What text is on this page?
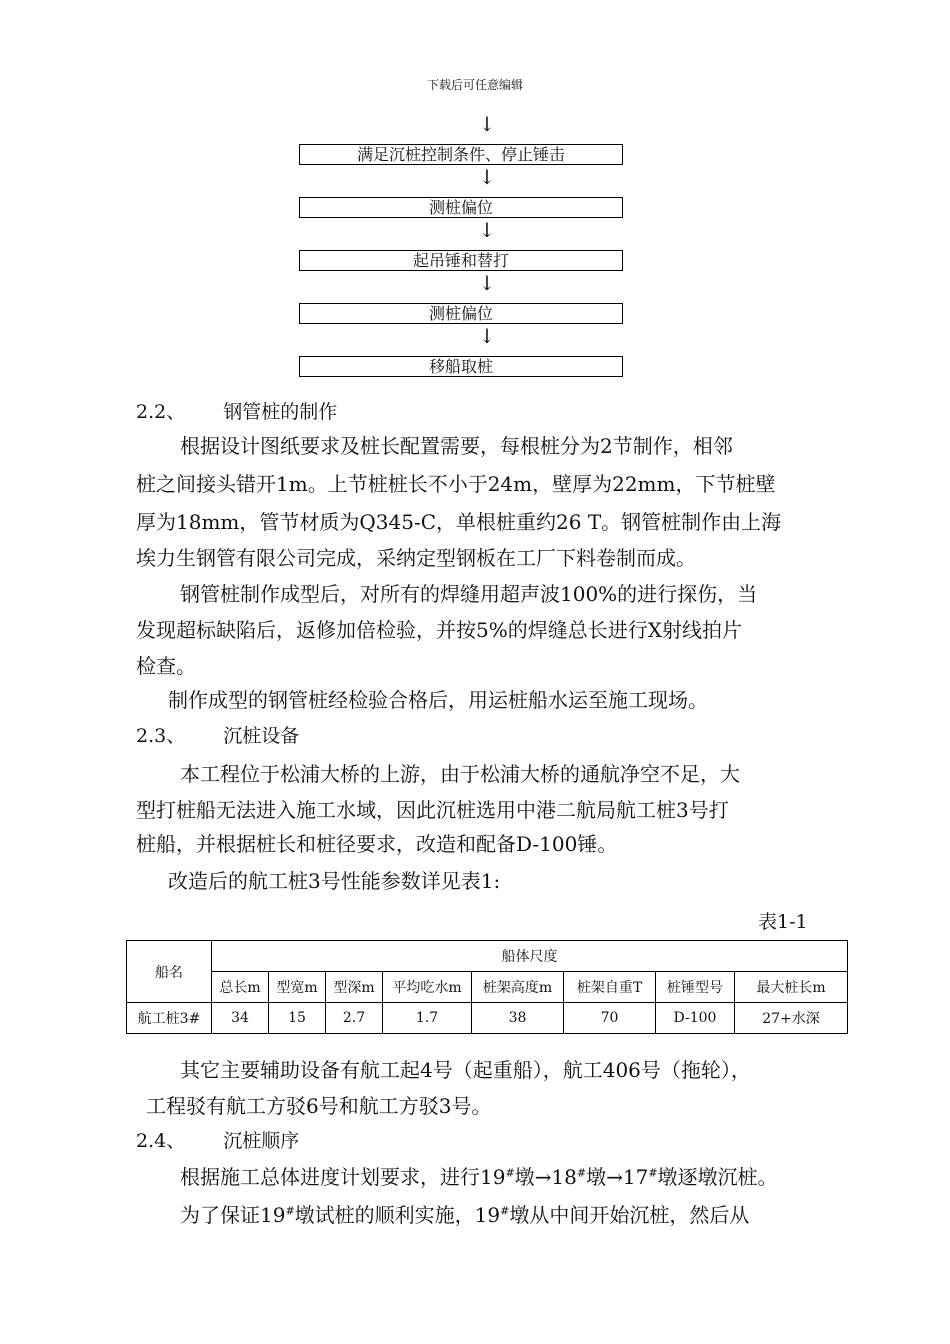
下载后可任意编辑
↓
满足沉桩控制条件、停止锤击
↓
测桩偏位
↓
起吊锤和替打
↓
测桩偏位
↓
移船取桩
2.2、 钢管桩的制作
根据设计图纸要求及桩长配置需要，每根桩分为2节制作，相邻
桩之间接头错开1m。上节桩桩长不小于24m，壁厚为22mm，下节桩壁
厚为18mm，管节材质为Q345-C，单根桩重约26 T。钢管桩制作由上海
埃力生钢管有限公司完成，采纳定型钢板在工厂下料卷制而成。
钢管桩制作成型后，对所有的焊缝用超声波100%的进行探伤，当
发现超标缺陷后，返修加倍检验，并按5%的焊缝总长进行X射线拍片
检查。
制作成型的钢管桩经检验合格后，用运桩船水运至施工现场。
2.3、 沉桩设备
本工程位于松浦大桥的上游，由于松浦大桥的通航净空不足，大
型打桩船无法进入施工水域，因此沉桩选用中港二航局航工桩3号打
桩船，并根据桩长和桩径要求，改造和配备D-100锤。
改造后的航工桩3号性能参数详见表1:
表1-1
船名	船体尺度							
	总长m	型宽m	型深m	平均吃水m	桩架高度m	桩架自重T	桩锤型号	最大桩长m
航工桩3#	34	15	2.7	1.7	38	70	D-100	27+水深
其它主要辅助设备有航工起4号（起重船），航工406号（拖轮），
工程驳有航工方驳6号和航工方驳3号。
2.4、 沉桩顺序
根据施工总体进度计划要求，进行19#墩→18#墩→17#墩逐墩沉桩。
为了保证19#墩试桩的顺利实施，19#墩从中间开始沉桩，然后从
